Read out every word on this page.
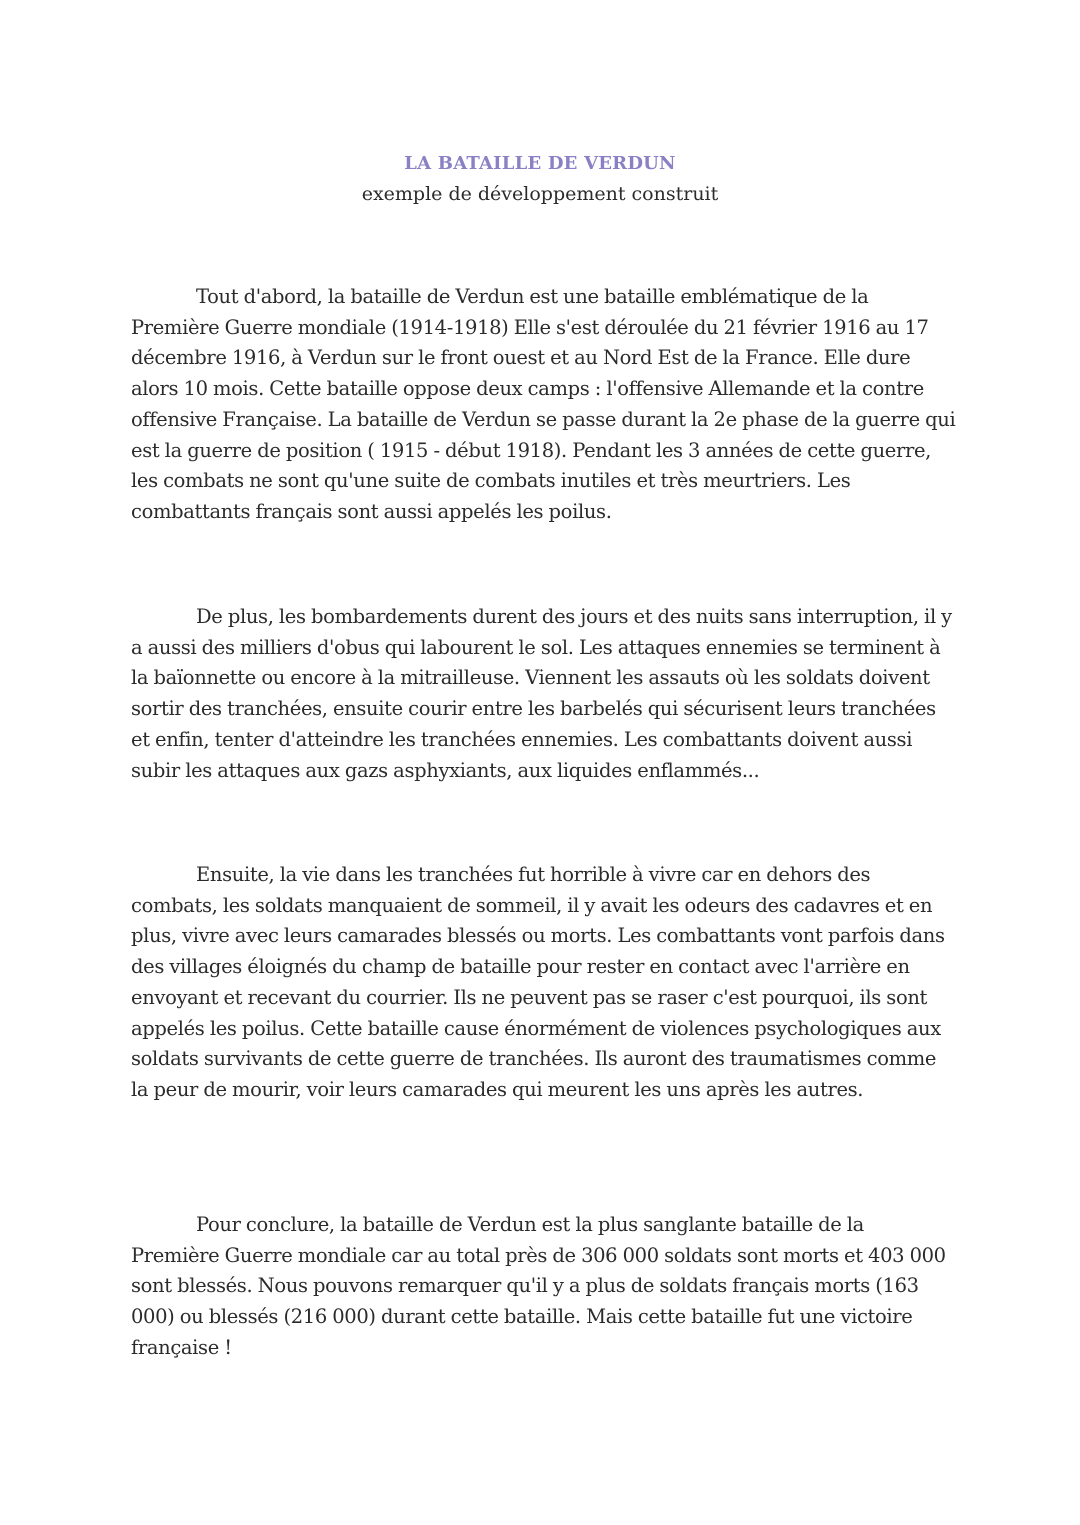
LA BATAILLE DE VERDUN
exemple de développement construit

Tout d'abord, la bataille de Verdun est une bataille emblématique de la Première Guerre mondiale (1914-1918) Elle s'est déroulée du 21 février 1916 au 17 décembre 1916, à Verdun sur le front ouest et au Nord Est de la France. Elle dure alors 10 mois. Cette bataille oppose deux camps : l'offensive Allemande et la contre offensive Française. La bataille de Verdun se passe durant la 2e phase de la guerre qui est la guerre de position ( 1915 - début 1918). Pendant les 3 années de cette guerre, les combats ne sont qu'une suite de combats inutiles et très meurtriers. Les combattants français sont aussi appelés les poilus.

De plus, les bombardements durent des jours et des nuits sans interruption, il y a aussi des milliers d'obus qui labourent le sol. Les attaques ennemies se terminent à la baïonnette ou encore à la mitrailleuse. Viennent les assauts où les soldats doivent sortir des tranchées, ensuite courir entre les barbelés qui sécurisent leurs tranchées et enfin, tenter d'atteindre les tranchées ennemies. Les combattants doivent aussi subir les attaques aux gazs asphyxiants, aux liquides enflammés...

Ensuite, la vie dans les tranchées fut horrible à vivre car en dehors des combats, les soldats manquaient de sommeil, il y avait les odeurs des cadavres et en plus, vivre avec leurs camarades blessés ou morts. Les combattants vont parfois dans des villages éloignés du champ de bataille pour rester en contact avec l'arrière en envoyant et recevant du courrier. Ils ne peuvent pas se raser c'est pourquoi, ils sont appelés les poilus. Cette bataille cause énormément de violences psychologiques aux soldats survivants de cette guerre de tranchées. Ils auront des traumatismes comme la peur de mourir, voir leurs camarades qui meurent les uns après les autres.

Pour conclure, la bataille de Verdun est la plus sanglante bataille de la Première Guerre mondiale car au total près de 306 000 soldats sont morts et 403 000 sont blessés. Nous pouvons remarquer qu'il y a plus de soldats français morts (163 000) ou blessés (216 000) durant cette bataille. Mais cette bataille fut une victoire française !
